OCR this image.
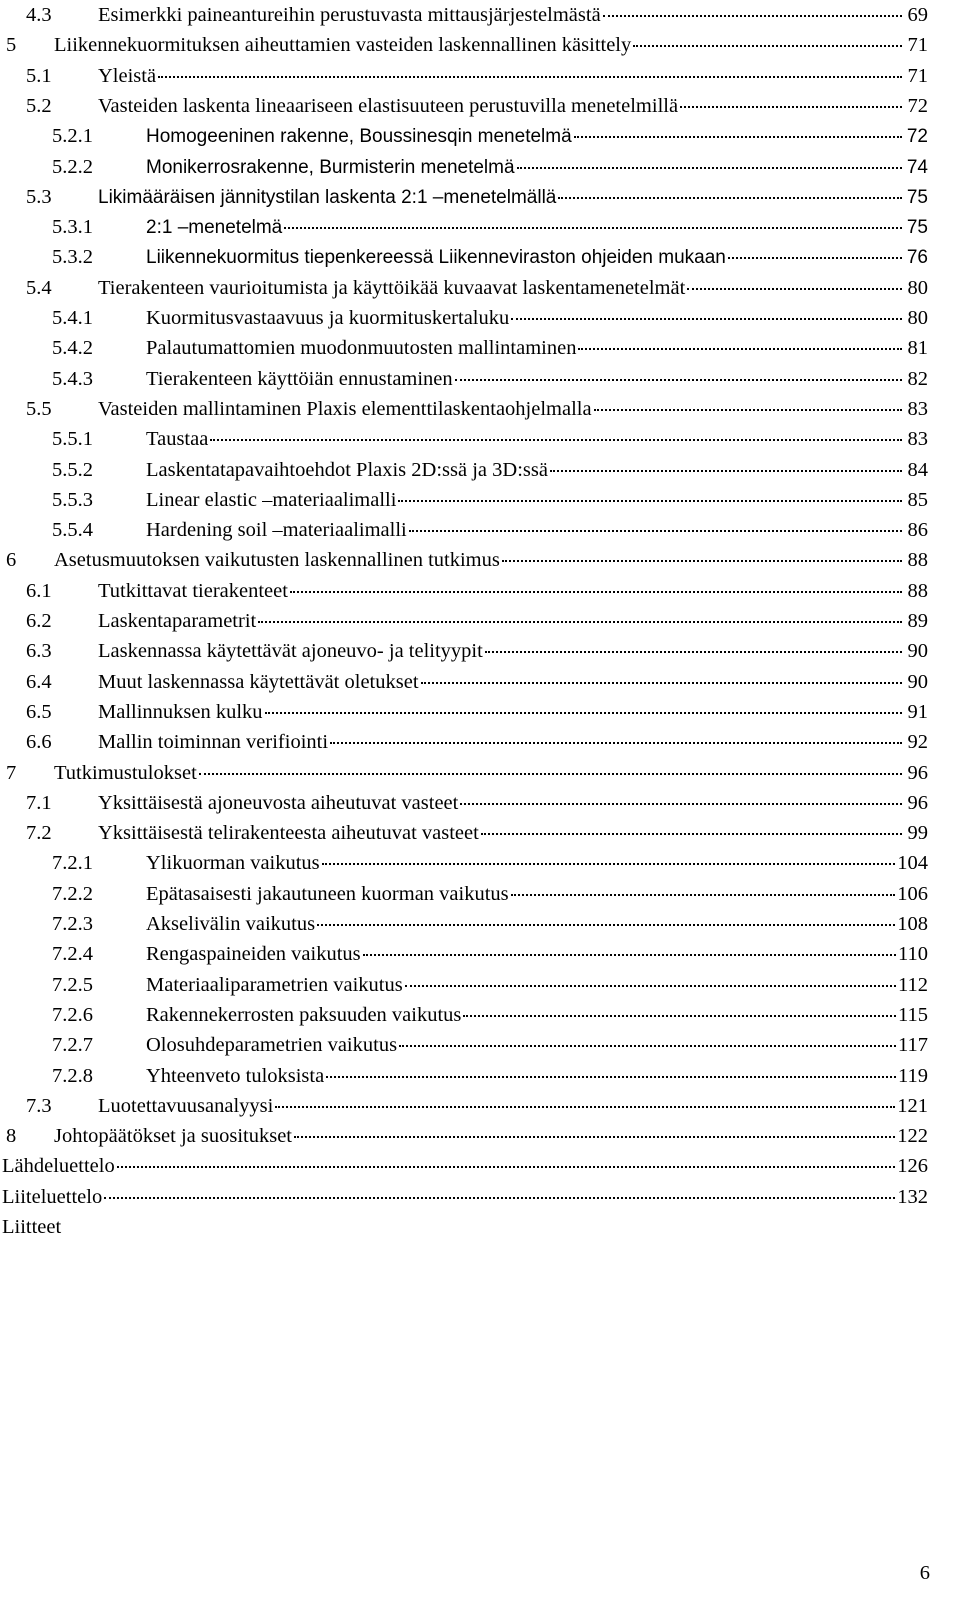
4.3	Esimerkki paineantureihin perustuvasta mittausjärjestelmästä	69
5	Liikennekuormituksen aiheuttamien vasteiden laskennallinen käsittely	71
5.1	Yleistä	71
5.2	Vasteiden laskenta lineaariseen elastisuuteen perustuvilla menetelmillä	72
5.2.1	Homogeeninen rakenne, Boussinesqin menetelmä	72
5.2.2	Monikerrosrakenne, Burmisterin menetelmä	74
5.3	Likimääräisen jännitystilan laskenta 2:1 –menetelmällä	75
5.3.1	2:1 –menetelmä	75
5.3.2	Liikennekuormitus tiepenkereessä Liikenneviraston ohjeiden mukaan	76
5.4	Tierakenteen vaurioitumista ja käyttöikää kuvaavat laskentamenetelmät	80
5.4.1	Kuormitusvastaavuus ja kuormituskertaluku	80
5.4.2	Palautumattomien muodonmuutosten mallintaminen	81
5.4.3	Tierakenteen käyttöiän ennustaminen	82
5.5	Vasteiden mallintaminen Plaxis elementtilaskentaohjelmalla	83
5.5.1	Taustaa	83
5.5.2	Laskentatapavaihtoehdot Plaxis 2D:ssä ja 3D:ssä	84
5.5.3	Linear elastic –materiaalimalli	85
5.5.4	Hardening soil –materiaalimalli	86
6	Asetusmuutoksen vaikutusten laskennallinen tutkimus	88
6.1	Tutkittavat tierakenteet	88
6.2	Laskentaparametrit	89
6.3	Laskennassa käytettävät ajoneuvo- ja telityypit	90
6.4	Muut laskennassa käytettävät oletukset	90
6.5	Mallinnuksen kulku	91
6.6	Mallin toiminnan verifiointi	92
7	Tutkimustulokset	96
7.1	Yksittäisestä ajoneuvosta aiheutuvat vasteet	96
7.2	Yksittäisestä telirakenteesta aiheutuvat vasteet	99
7.2.1	Ylikuorman vaikutus	104
7.2.2	Epätasaisesti jakautuneen kuorman vaikutus	106
7.2.3	Akselivälin vaikutus	108
7.2.4	Rengaspaineiden vaikutus	110
7.2.5	Materiaaliparametrien vaikutus	112
7.2.6	Rakennekerrosten paksuuden vaikutus	115
7.2.7	Olosuhdeparametrien vaikutus	117
7.2.8	Yhteenveto tuloksista	119
7.3	Luotettavuusanalyysi	121
8	Johtopäätökset ja suositukset	122
Lähdeluettelo	126
Liiteluettelo	132
Liitteet
6
